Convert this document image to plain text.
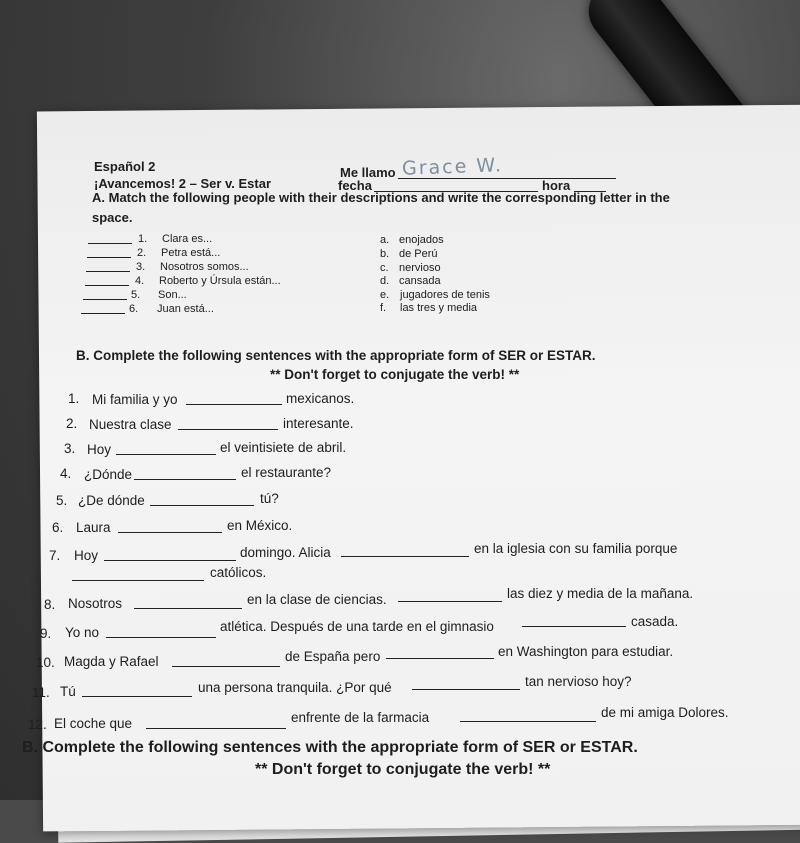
Español 2
¡Avancemos! 2 – Ser v. Estar
Me llamo Grace W.
fecha	hora
A. Match the following people with their descriptions and write the corresponding letter in the
space.
1. Clara es...
2. Petra está...
3. Nosotros somos...
4. Roberto y Úrsula están...
5. Son...
6. Juan está...
a. enojados
b. de Perú
c. nervioso
d. cansada
e. jugadores de tenis
f. las tres y media
B. Complete the following sentences with the appropriate form of SER or ESTAR.
** Don't forget to conjugate the verb! **
1. Mi familia y yo	mexicanos.
2. Nuestra clase	interesante.
3. Hoy	el veintisiete de abril.
4. ¿Dónde	el restaurante?
5. ¿De dónde	tú?
6. Laura	en México.
7. Hoy	domingo. Alicia	en la iglesia con su familia porque
católicos.
8. Nosotros	en la clase de ciencias.	las diez y media de la mañana.
9. Yo no	atlética. Después de una tarde en el gimnasio	casada.
10. Magda y Rafael	de España pero	en Washington para estudiar.
11. Tú	una persona tranquila. ¿Por qué	tan nervioso hoy?
12. El coche que	enfrente de la farmacia	de mi amiga Dolores.
B. Complete the following sentences with the appropriate form of SER or ESTAR.
** Don't forget to conjugate the verb! **
